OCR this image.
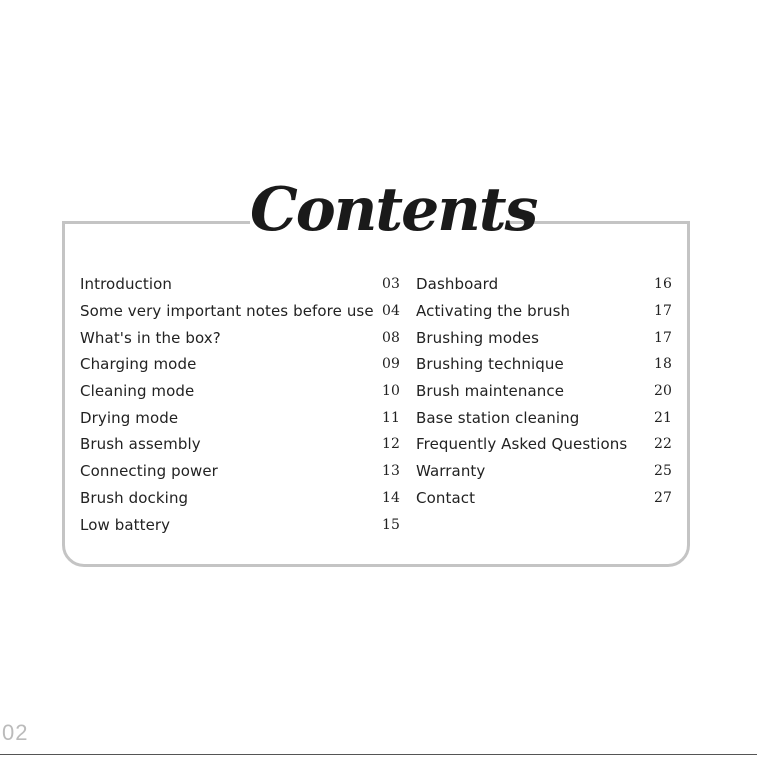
Contents
Introduction	03
Some very important notes before use 04
What's in the box?	08
Charging mode	09
Cleaning mode	10
Drying mode	11
Brush assembly	12
Connecting power	13
Brush docking	14
Low battery	15
Dashboard	16
Activating the brush	17
Brushing modes	17
Brushing technique	18
Brush maintenance	20
Base station cleaning	21
Frequently Asked Questions 22
Warranty	25
Contact	27
02
